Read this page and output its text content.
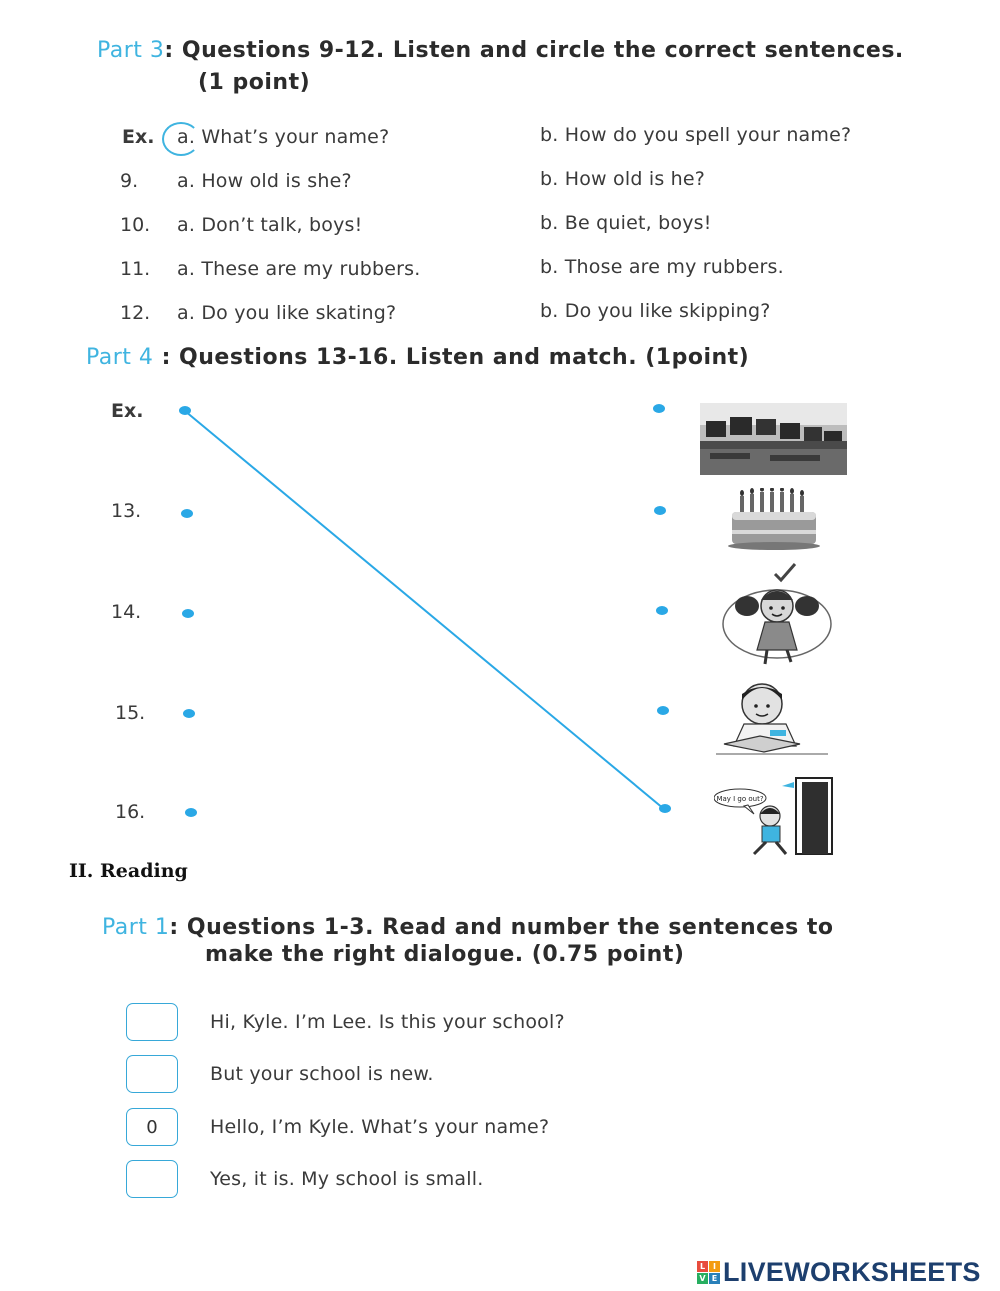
Part 3: Questions 9-12. Listen and circle the correct sentences.
(1 point)
Ex. a. What’s your name?	b. How do you spell your name?
9. a. How old is she?	b. How old is he?
10. a. Don’t talk, boys!	b. Be quiet, boys!
11. a. These are my rubbers.	b. Those are my rubbers.
12. a. Do you like skating?	b. Do you like skipping?
Part 4 : Questions 13-16. Listen and match. (1point)
Ex.
13.
14.
15.
16.
May I go out?
II. Reading
Part 1: Questions 1-3. Read and number the sentences to
make the right dialogue. (0.75 point)
Hi, Kyle. I’m Lee. Is this your school?
But your school is new.
0	Hello, I’m Kyle. What’s your name?
Yes, it is. My school is small.
L I
V E LIVEWORKSHEETS
